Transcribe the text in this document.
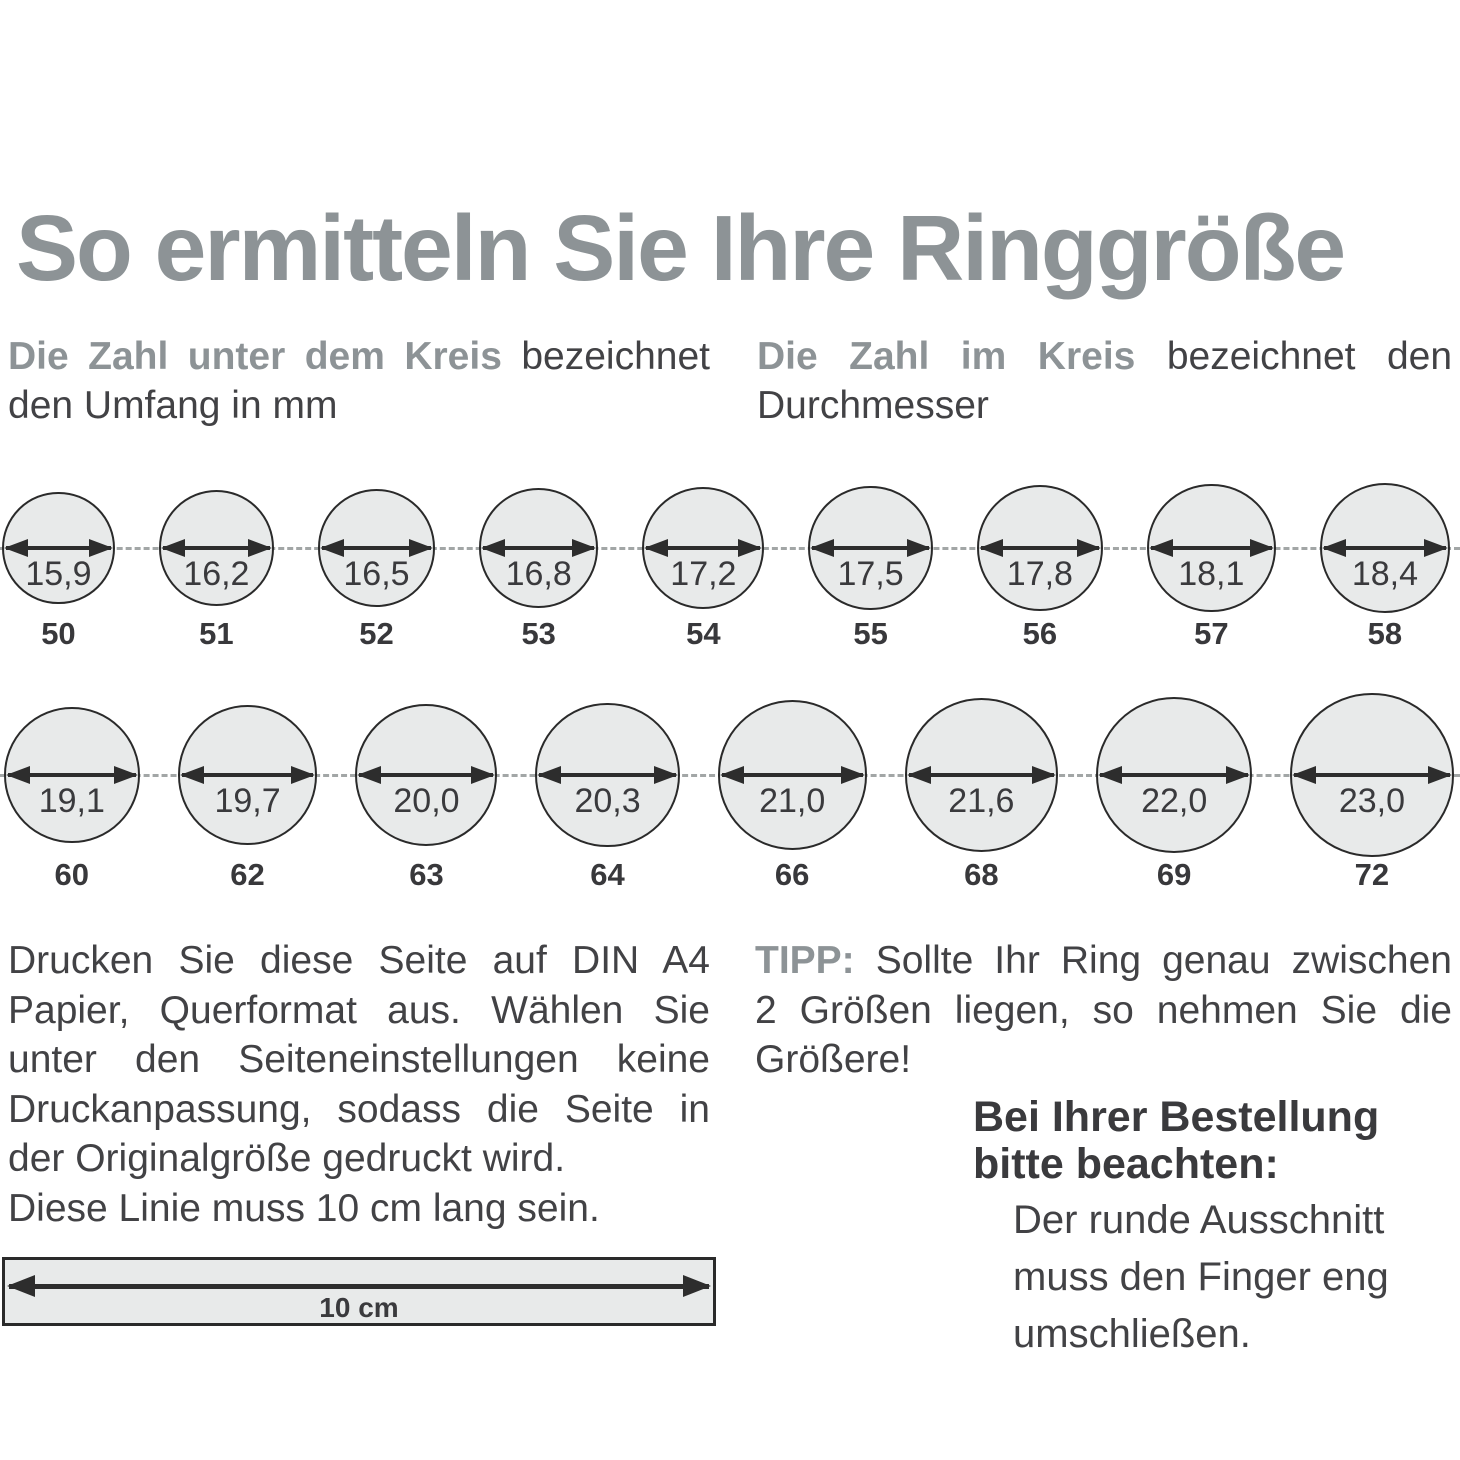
So ermitteln Sie Ihre Ringgröße
Die Zahl unter dem Kreis bezeichnet
den Umfang in mm
Die Zahl im Kreis bezeichnet den
Durchmesser
15,9
50
16,2
51
16,5
52
16,8
53
17,2
54
17,5
55
17,8
56
18,1
57
18,4
58
19,1
60
19,7
62
20,0
63
20,3
64
21,0
66
21,6
68
22,0
69
23,0
72
Drucken Sie diese Seite auf DIN A4
Papier, Querformat aus. Wählen Sie
unter den Seiteneinstellungen keine
Druckanpassung, sodass die Seite in
der Originalgröße gedruckt wird.
Diese Linie muss 10 cm lang sein.
TIPP: Sollte Ihr Ring genau zwischen
2 Größen liegen, so nehmen Sie die
Größere!
Bei Ihrer Bestellung
bitte beachten:
Der runde Ausschnitt
muss den Finger eng
umschließen.
10 cm
